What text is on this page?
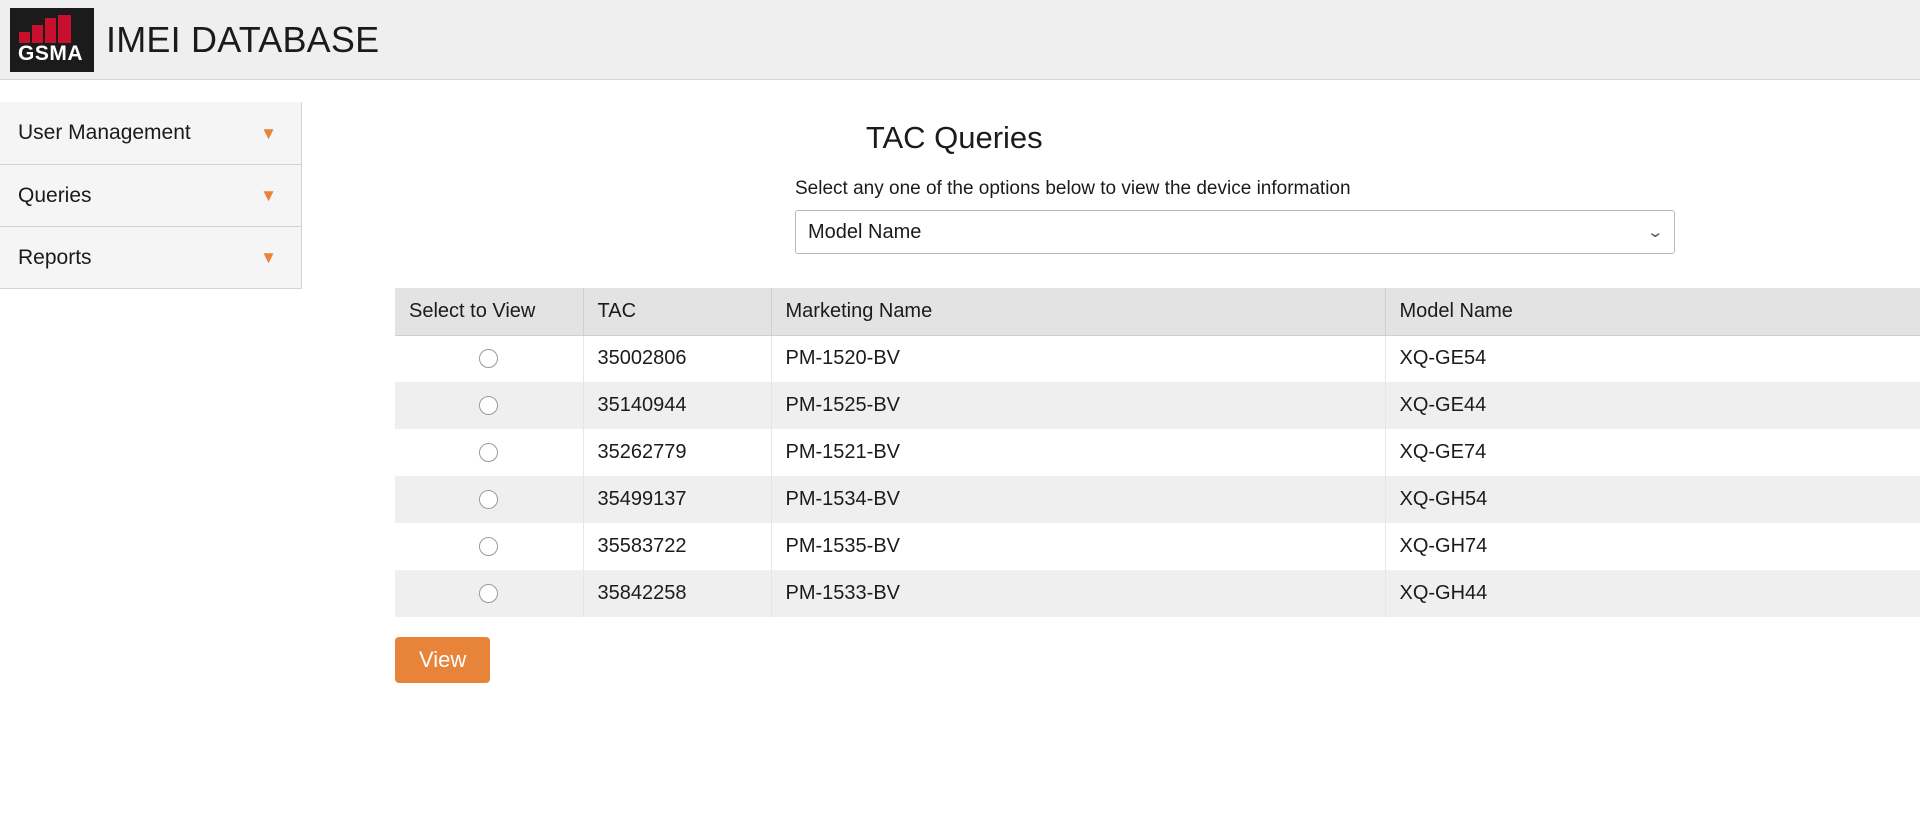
GSMA IMEI DATABASE
User Management	▼
Queries	▼
Reports	▼
TAC Queries

Select any one of the options below to view the device information

Model Name	⌄
Select to View	TAC	Marketing Name	Model Name
	35002806	PM-1520-BV	XQ-GE54
	35140944	PM-1525-BV	XQ-GE44
	35262779	PM-1521-BV	XQ-GE74
	35499137	PM-1534-BV	XQ-GH54
	35583722	PM-1535-BV	XQ-GH74
	35842258	PM-1533-BV	XQ-GH44
View
